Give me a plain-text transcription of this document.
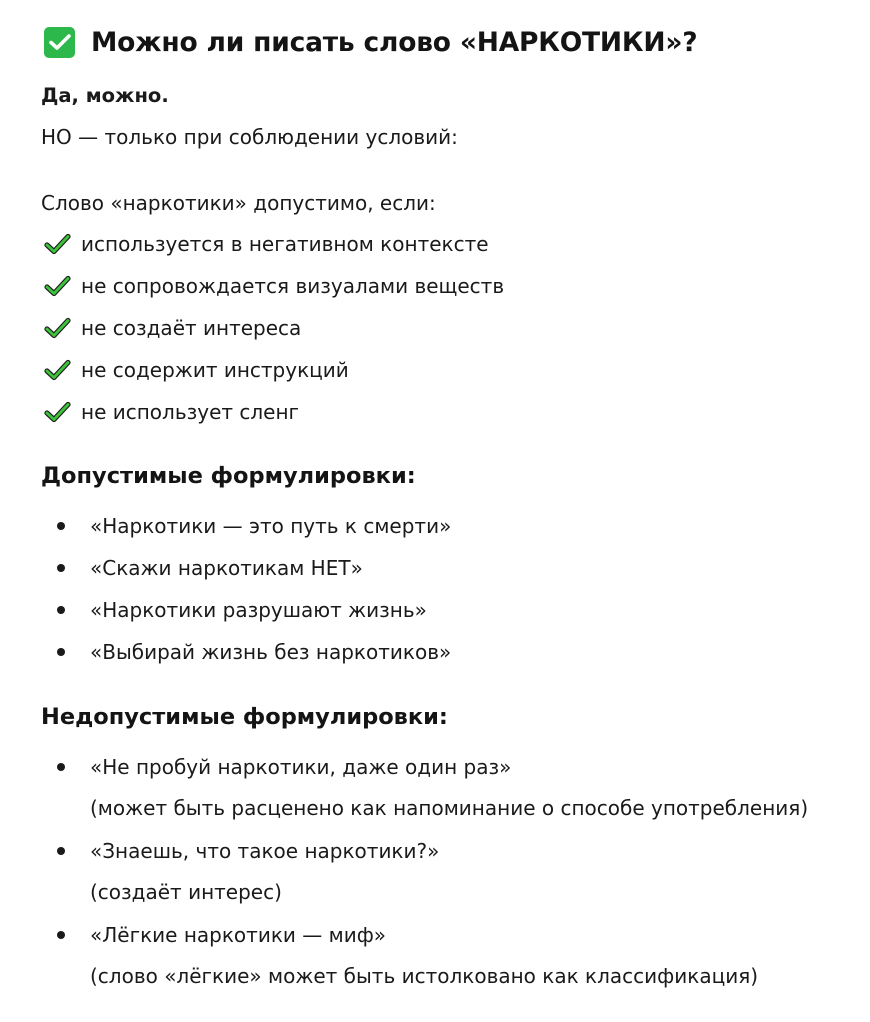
Можно ли писать слово «НАРКОТИКИ»?
Да, можно.
НО — только при соблюдении условий:
Слово «наркотики» допустимо, если:
используется в негативном контексте
не сопровождается визуалами веществ
не создаёт интереса
не содержит инструкций
не использует сленг
Допустимые формулировки:
«Наркотики — это путь к смерти»
«Скажи наркотикам НЕТ»
«Наркотики разрушают жизнь»
«Выбирай жизнь без наркотиков»
Недопустимые формулировки:
«Не пробуй наркотики, даже один раз»
(может быть расценено как напоминание о способе употребления)
«Знаешь, что такое наркотики?»
(создаёт интерес)
«Лёгкие наркотики — миф»
(слово «лёгкие» может быть истолковано как классификация)
